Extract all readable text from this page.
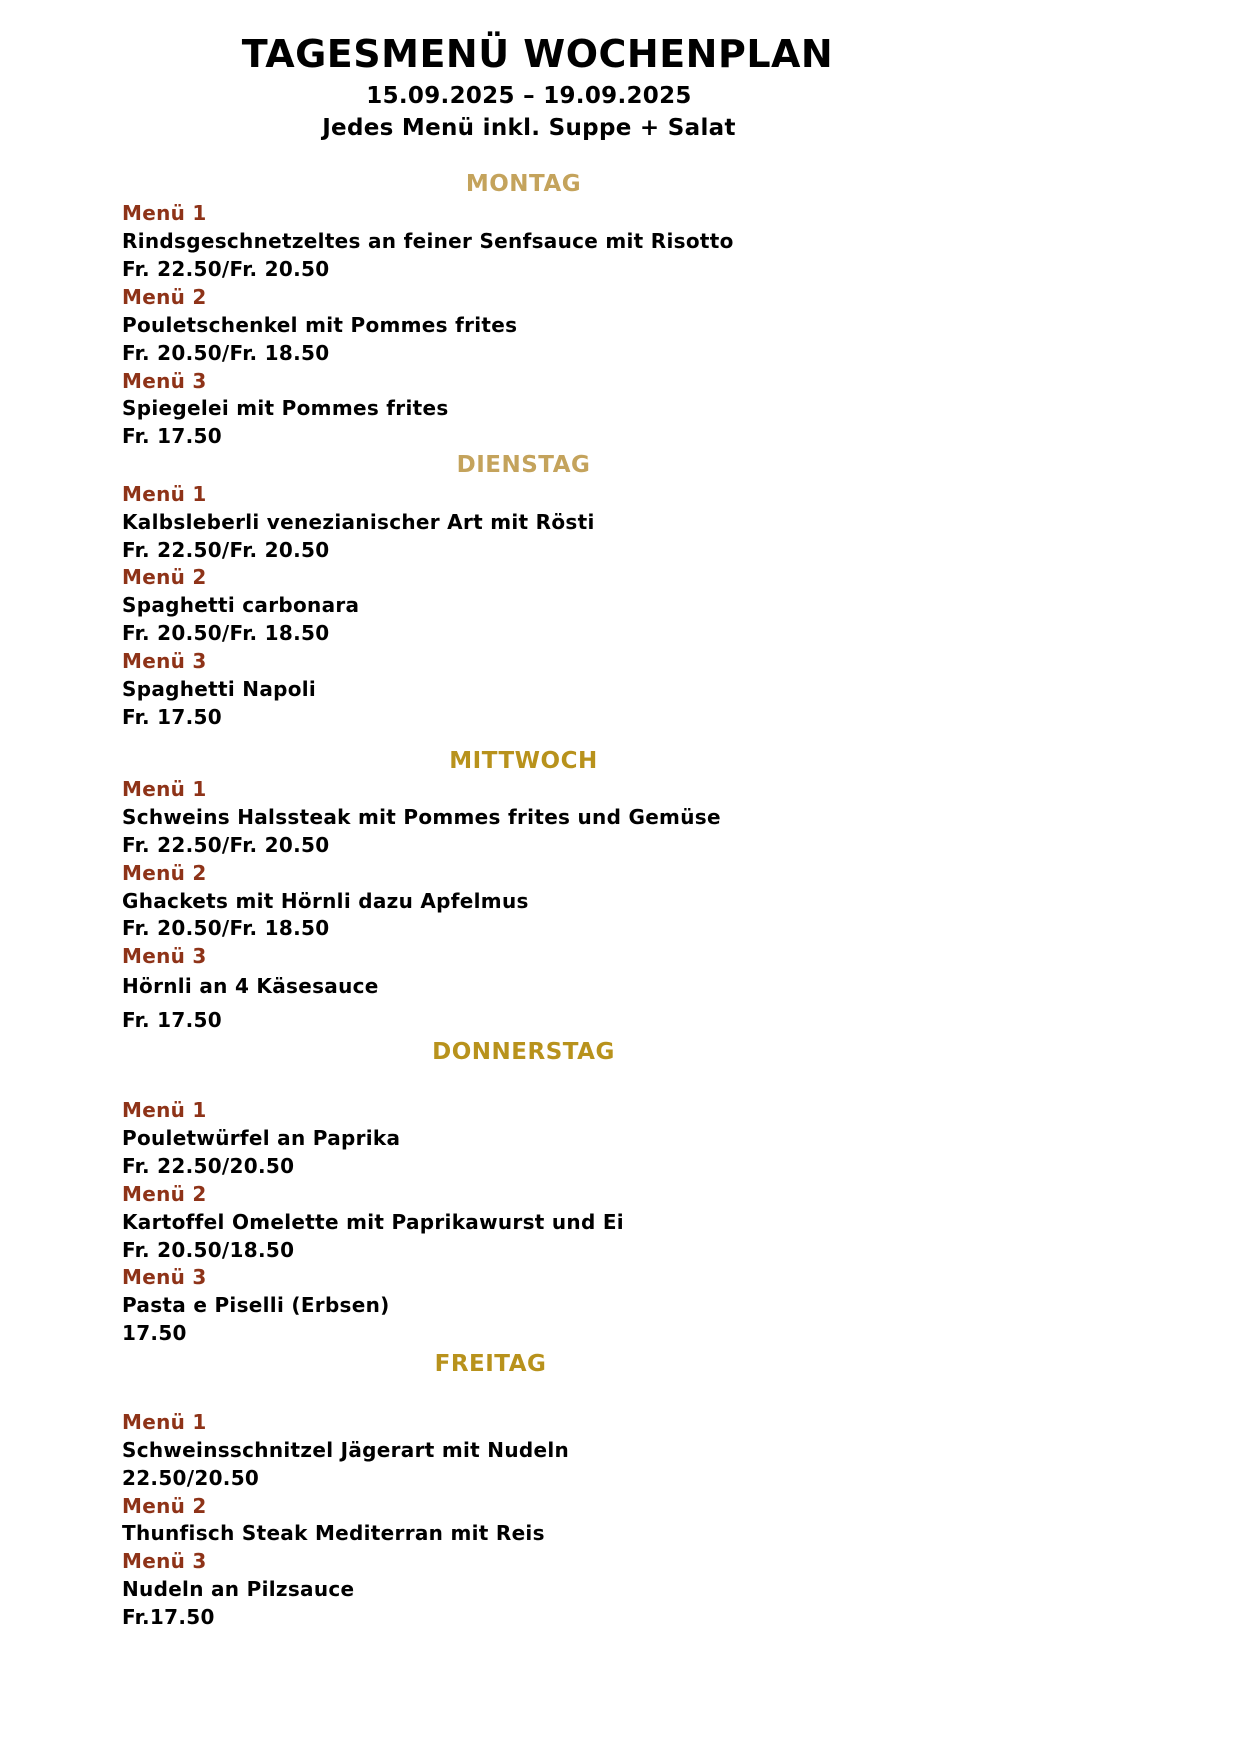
TAGESMENÜ WOCHENPLAN
15.09.2025 – 19.09.2025
Jedes Menü inkl. Suppe + Salat
MONTAG
Menü 1
Rindsgeschnetzeltes an feiner Senfsauce mit Risotto
Fr. 22.50/Fr. 20.50
Menü 2
Pouletschenkel mit Pommes frites
Fr. 20.50/Fr. 18.50
Menü 3
Spiegelei mit Pommes frites
Fr. 17.50
DIENSTAG
Menü 1
Kalbsleberli venezianischer Art mit Rösti
Fr. 22.50/Fr. 20.50
Menü 2
Spaghetti carbonara
Fr. 20.50/Fr. 18.50
Menü 3
Spaghetti Napoli
Fr. 17.50
MITTWOCH
Menü 1
Schweins Halssteak mit Pommes frites und Gemüse
Fr. 22.50/Fr. 20.50
Menü 2
Ghackets mit Hörnli dazu Apfelmus
Fr. 20.50/Fr. 18.50
Menü 3
Hörnli an 4 Käsesauce
Fr. 17.50
DONNERSTAG
Menü 1
Pouletwürfel an Paprika
Fr. 22.50/20.50
Menü 2
Kartoffel Omelette mit Paprikawurst und Ei
Fr. 20.50/18.50
Menü 3
Pasta e Piselli (Erbsen)
17.50
FREITAG
Menü 1
Schweinsschnitzel Jägerart mit Nudeln
22.50/20.50
Menü 2
Thunfisch Steak Mediterran mit Reis
Menü 3
Nudeln an Pilzsauce
Fr.17.50
